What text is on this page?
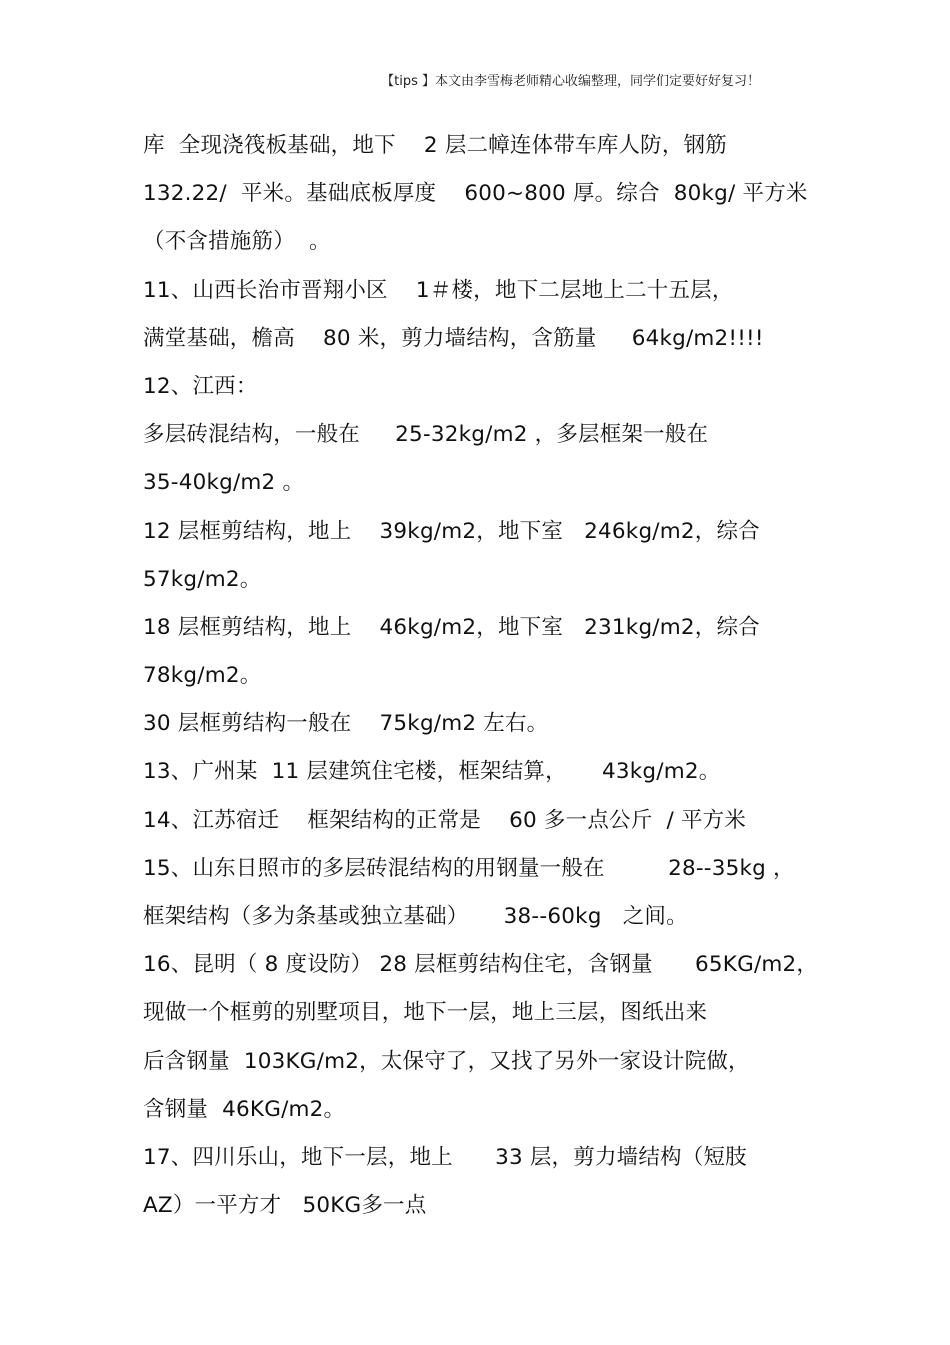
【tips 】本文由李雪梅老师精心收编整理，同学们定要好好复习！
库  全现浇筏板基础，地下    2 层二幛连体带车库人防，钢筋
132.22/  平米。基础底板厚度    600~800 厚。综合  80kg/ 平方米
（不含措施筋）  。
11、山西长治市晋翔小区    1＃楼，地下二层地上二十五层，
满堂基础，檐高    80 米，剪力墙结构，含筋量     64kg/m2!!!!
12、江西：
多层砖混结构，一般在     25-32kg/m2 ，多层框架一般在
35-40kg/m2 。
12 层框剪结构，地上    39kg/m2，地下室   246kg/m2，综合
57kg/m2。
18 层框剪结构，地上    46kg/m2，地下室   231kg/m2，综合
78kg/m2。
30 层框剪结构一般在    75kg/m2 左右。
13、广州某  11 层建筑住宅楼，框架结算，     43kg/m2。
14、江苏宿迁    框架结构的正常是    60 多一点公斤  / 平方米
15、山东日照市的多层砖混结构的用钢量一般在         28--35kg ，
框架结构（多为条基或独立基础）     38--60kg   之间。
16、昆明（ 8 度设防） 28 层框剪结构住宅，含钢量      65KG/m2，
现做一个框剪的别墅项目，地下一层，地上三层，图纸出来
后含钢量  103KG/m2，太保守了，又找了另外一家设计院做，
含钢量  46KG/m2。
17、四川乐山，地下一层，地上      33 层，剪力墙结构（短肢
AZ）一平方才   50KG多一点
